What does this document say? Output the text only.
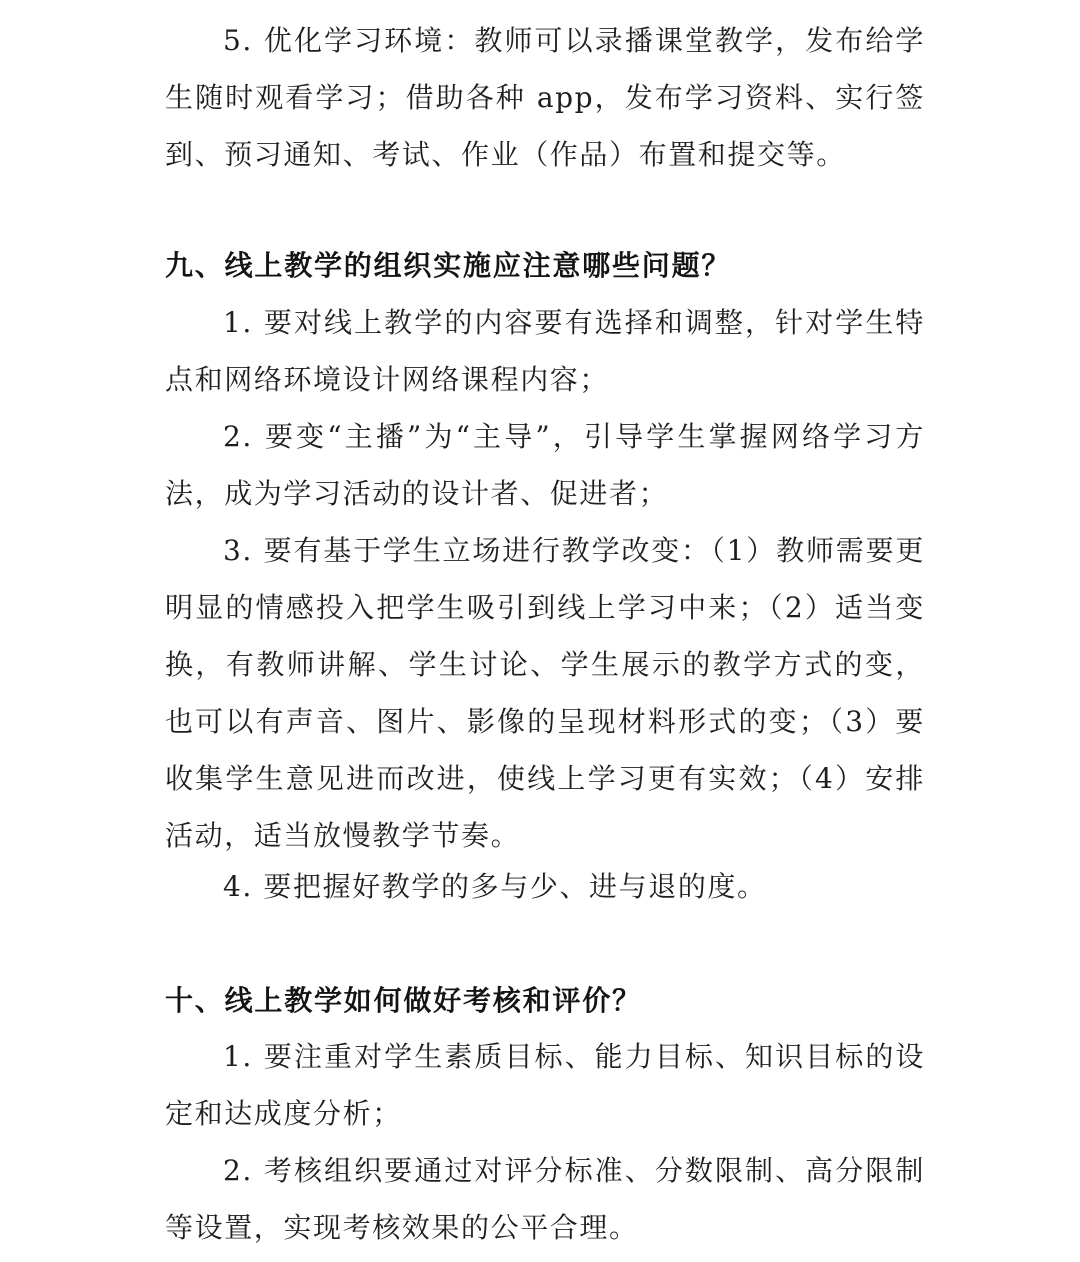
5. 优化学习环境：教师可以录播课堂教学，发布给学生随时观看学习；借助各种 app，发布学习资料、实行签到、预习通知、考试、作业（作品）布置和提交等。

九、线上教学的组织实施应注意哪些问题？

1. 要对线上教学的内容要有选择和调整，针对学生特点和网络环境设计网络课程内容；

2. 要变“主播”为“主导”，引导学生掌握网络学习方法，成为学习活动的设计者、促进者；

3. 要有基于学生立场进行教学改变：（1）教师需要更明显的情感投入把学生吸引到线上学习中来；（2）适当变换，有教师讲解、学生讨论、学生展示的教学方式的变，也可以有声音、图片、影像的呈现材料形式的变；（3）要收集学生意见进而改进，使线上学习更有实效；（4）安排活动，适当放慢教学节奏。

4. 要把握好教学的多与少、进与退的度。

十、线上教学如何做好考核和评价？

1. 要注重对学生素质目标、能力目标、知识目标的设定和达成度分析；

2. 考核组织要通过对评分标准、分数限制、高分限制等设置，实现考核效果的公平合理。
